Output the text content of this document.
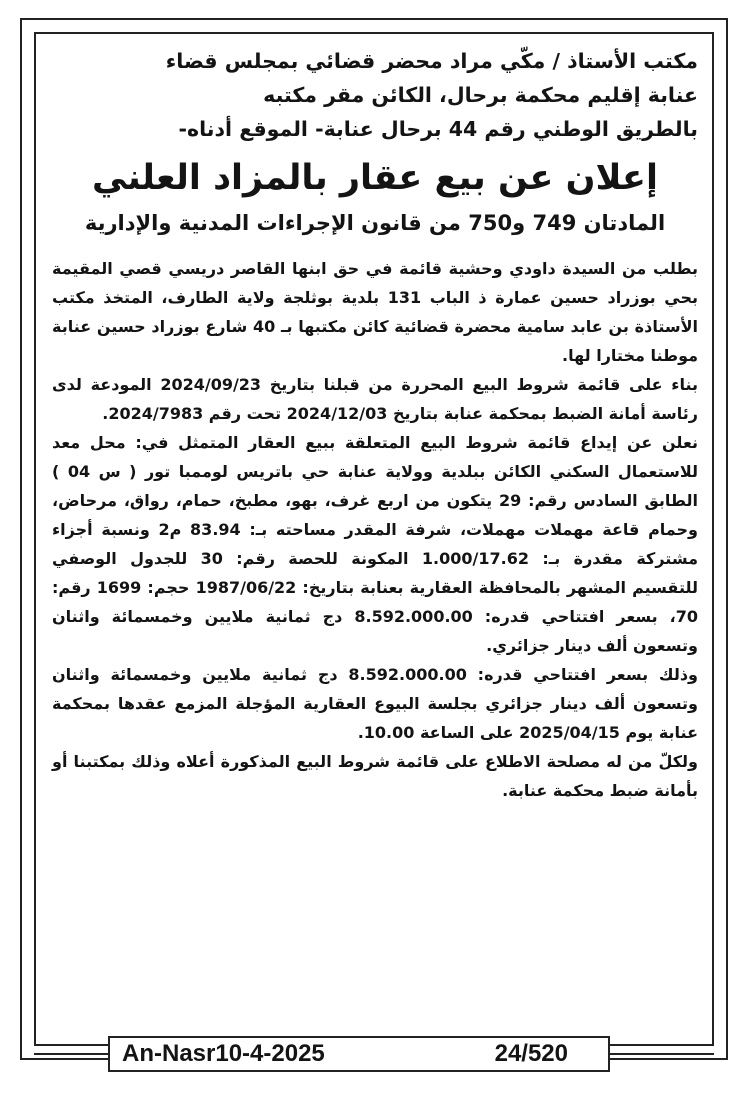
مكتب الأستاذ / مكّي مراد محضر قضائي بمجلس قضاء

عنابة إقليم محكمة برحال، الكائن مقر مكتبه

بالطريق الوطني رقم 44 برحال عنابة- الموقع أدناه-

إعلان عن بيع عقار بالمزاد العلني
المادتان 749 و750 من قانون الإجراءات المدنية والإدارية

بطلب من السيدة داودي وحشية قائمة في حق ابنها القاصر دريسي قصي المقيمة بحي بوزراد حسين عمارة ذ الباب 131 بلدية بوثلجة ولاية الطارف، المتخذ مكتب الأستاذة بن عابد سامية محضرة قضائية كائن مكتبها بـ 40 شارع بوزراد حسين عنابة موطنا مختارا لها.

بناء على قائمة شروط البيع المحررة من قبلنا بتاريخ 2024/09/23 المودعة لدى رئاسة أمانة الضبط بمحكمة عنابة بتاريخ 2024/12/03 تحت رقم 2024/7983.

نعلن عن إيداع قائمة شروط البيع المتعلقة ببيع العقار المتمثل في: محل معد للاستعمال السكني الكائن ببلدية وولاية عنابة حي باتريس لوممبا تور ( س 04 ) الطابق السادس رقم: 29 يتكون من اربع غرف، بهو، مطبخ، حمام، رواق، مرحاض، وحمام قاعة مهملات مهملات، شرفة المقدر مساحته بـ: 83.94 م2 ونسبة أجزاء مشتركة مقدرة بـ: 1.000/17.62 المكونة للحصة رقم: 30 للجدول الوصفي للتقسيم المشهر بالمحافظة العقارية بعنابة بتاريخ: 1987/06/22 حجم: 1699 رقم: 70، بسعر افتتاحي قدره: 8.592.000.00 دج ثمانية ملايين وخمسمائة واثنان وتسعون ألف دينار جزائري.

وذلك بسعر افتتاحي قدره: 8.592.000.00 دج ثمانية ملايين وخمسمائة واثنان وتسعون ألف دينار جزائري بجلسة البيوع العقارية المؤجلة المزمع عقدها بمحكمة عنابة يوم 2025/04/15 على الساعة 10.00.

ولكلّ من له مصلحة الاطلاع على قائمة شروط البيع المذكورة أعلاه وذلك بمكتبنا أو بأمانة ضبط محكمة عنابة.

An-Nasr10-4-2025	24/520
